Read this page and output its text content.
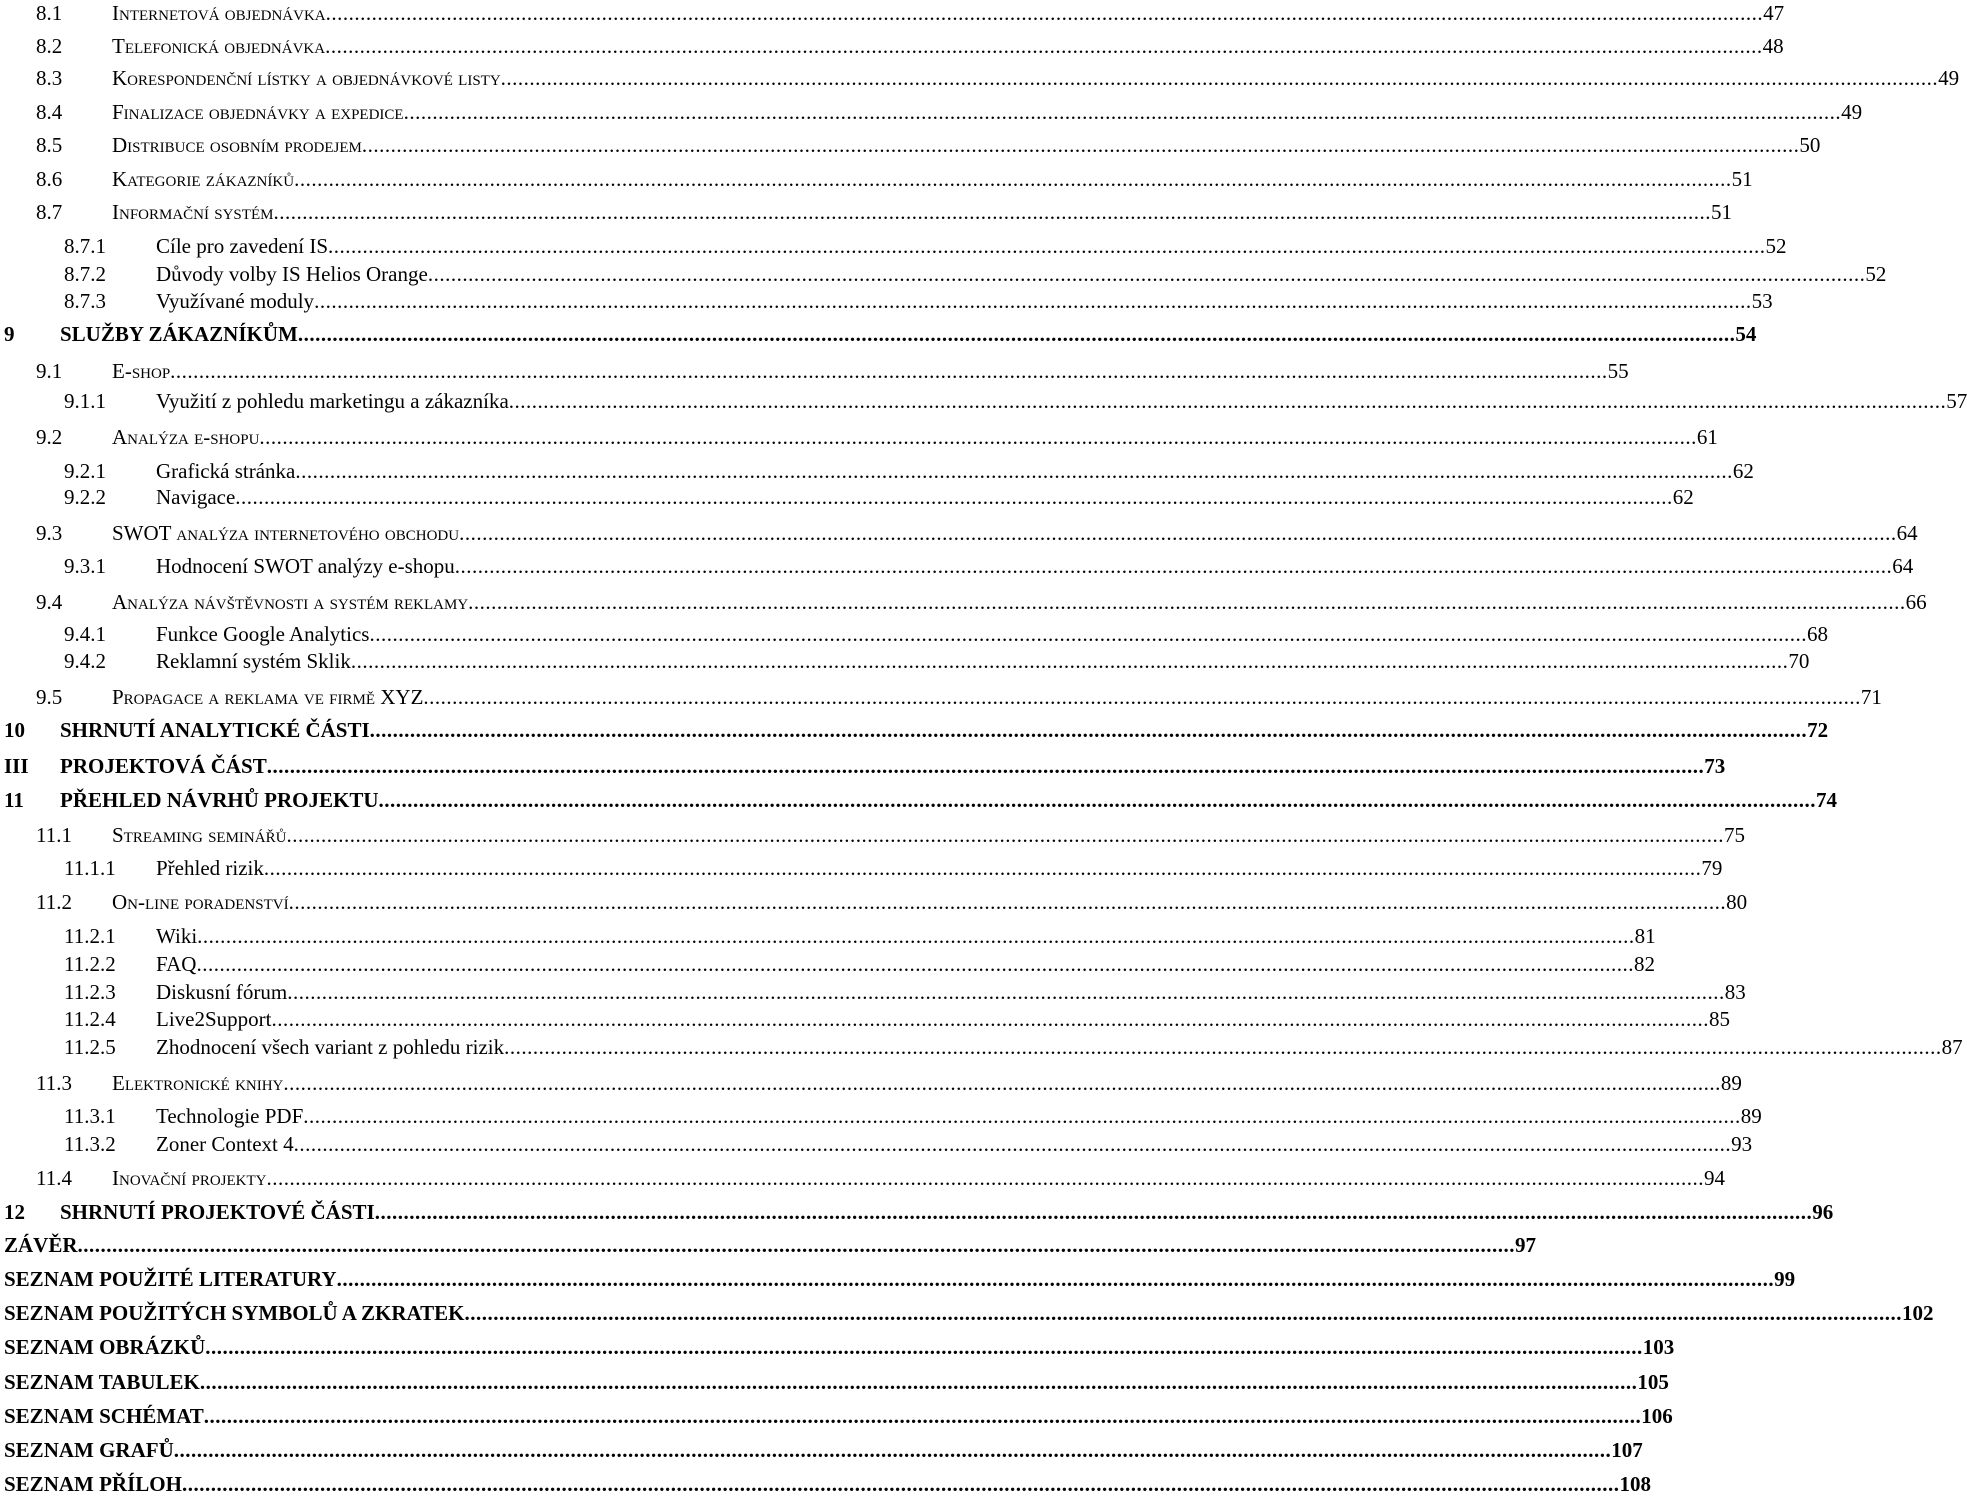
8.1	Internetová objednávka .....	47
8.2	Telefonická objednávka .....	48
8.3	Korespondenční lístky a objednávkové listy .....	49
8.4	Finalizace objednávky a expedice .....	49
8.5	Distribuce osobním prodejem .....	50
8.6	Kategorie zákazníků .....	51
8.7	Informační systém .....	51
8.7.1	Cíle pro zavedení IS .....	52
8.7.2	Důvody volby IS Helios Orange .....	52
8.7.3	Využívané moduly .....	53
9	SLUŽBY ZÁKAZNÍKŮM .....	54
9.1	E-shop .....	55
9.1.1	Využití z pohledu marketingu a zákazníka .....	57
9.2	Analýza e-shopu .....	61
9.2.1	Grafická stránka .....	62
9.2.2	Navigace .....	62
9.3	SWOT analýza internetového obchodu .....	64
9.3.1	Hodnocení SWOT analýzy e-shopu .....	64
9.4	Analýza návštěvnosti a systém reklamy .....	66
9.4.1	Funkce Google Analytics .....	68
9.4.2	Reklamní systém Sklik .....	70
9.5	Propagace a reklama ve firmě XYZ .....	71
10	SHRNUTÍ ANALYTICKÉ ČÁSTI .....	72
III	PROJEKTOVÁ ČÁST .....	73
11	PŘEHLED NÁVRHŮ PROJEKTU .....	74
11.1	Streaming seminářů .....	75
11.1.1	Přehled rizik .....	79
11.2	On-line poradenství .....	80
11.2.1	Wiki .....	81
11.2.2	FAQ .....	82
11.2.3	Diskusní fórum .....	83
11.2.4	Live2Support .....	85
11.2.5	Zhodnocení všech variant z pohledu rizik .....	87
11.3	Elektronické knihy .....	89
11.3.1	Technologie PDF .....	89
11.3.2	Zoner Context 4 .....	93
11.4	Inovační projekty .....	94
12	SHRNUTÍ PROJEKTOVÉ ČÁSTI .....	96
ZÁVĚR .....	97
SEZNAM POUŽITÉ LITERATURY .....	99
SEZNAM POUŽITÝCH SYMBOLŮ A ZKRATEK .....	102
SEZNAM OBRÁZKŮ .....	103
SEZNAM TABULEK .....	105
SEZNAM SCHÉMAT .....	106
SEZNAM GRAFŮ .....	107
SEZNAM PŘÍLOH .....	108
